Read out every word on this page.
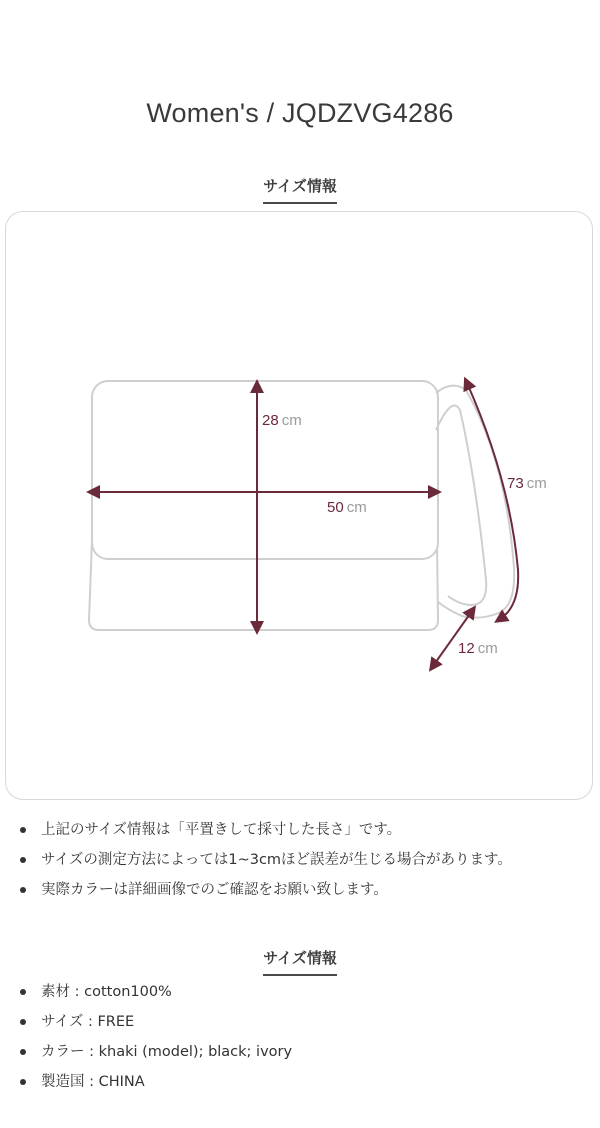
Women's / JQDZVG4286
サイズ情報
28 cm
50 cm
73 cm
12 cm
上記のサイズ情報は「平置きして採寸した長さ」です。
サイズの測定方法によっては1~3cmほど誤差が生じる場合があります。
実際カラーは詳細画像でのご確認をお願い致します。
サイズ情報
素材 : cotton100%
サイズ : FREE
カラー : khaki (model); black; ivory
製造国 : CHINA
